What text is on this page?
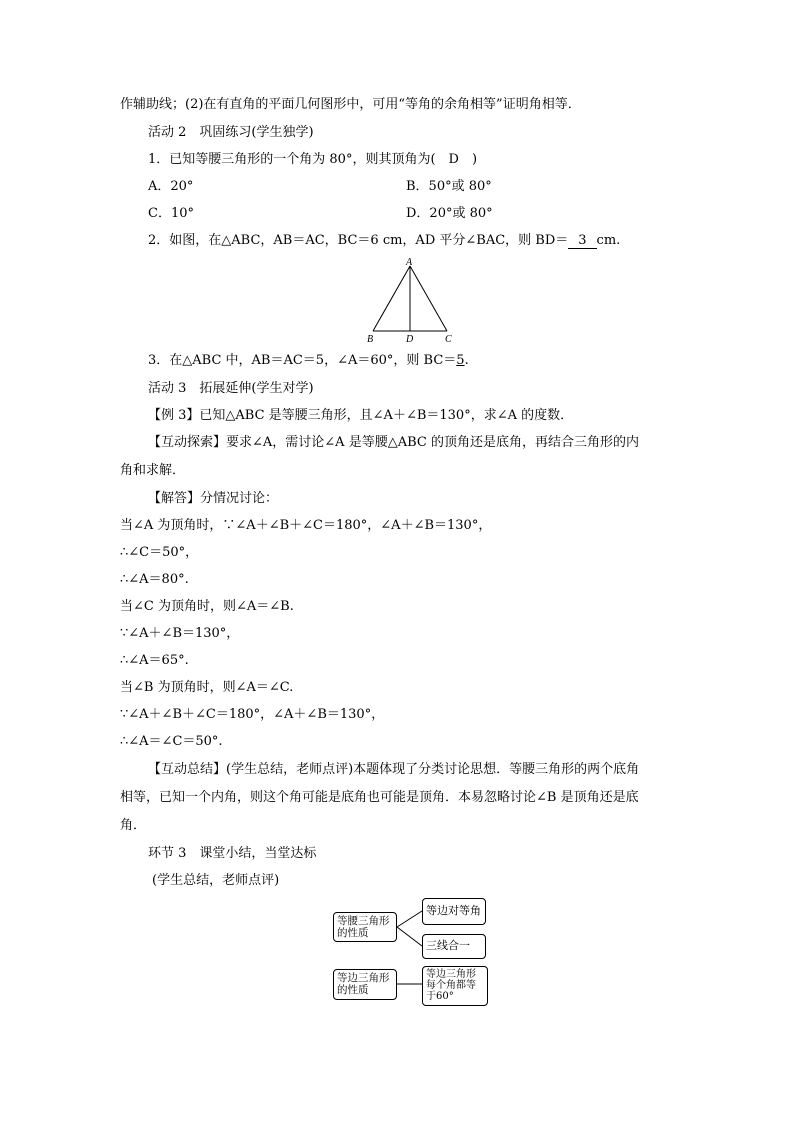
作辅助线；(2)在有直角的平面几何图形中，可用“等角的余角相等”证明角相等．
活动 2　巩固练习(学生独学)
1．已知等腰三角形的一个角为 80°，则其顶角为(　D　)
A．20°	B．50°或 80°
C．10°	D．20°或 80°
2．如图，在△ABC，AB＝AC，BC＝6 cm，AD 平分∠BAC，则 BD＝ 3 cm.
A
B	D	C
3．在△ABC 中，AB＝AC＝5，∠A＝60°，则 BC＝5.
活动 3　拓展延伸(学生对学)
【例 3】已知△ABC 是等腰三角形，且∠A＋∠B＝130°，求∠A 的度数．
【互动探索】要求∠A，需讨论∠A 是等腰△ABC 的顶角还是底角，再结合三角形的内
角和求解．
【解答】分情况讨论：
当∠A 为顶角时，∵∠A＋∠B＋∠C＝180°，∠A＋∠B＝130°，
∴∠C＝50°，
∴∠A＝80°.
当∠C 为顶角时，则∠A＝∠B.
∵∠A＋∠B＝130°，
∴∠A＝65°.
当∠B 为顶角时，则∠A＝∠C.
∵∠A＋∠B＋∠C＝180°，∠A＋∠B＝130°，
∴∠A＝∠C＝50°.
【互动总结】(学生总结，老师点评)本题体现了分类讨论思想．等腰三角形的两个底角
相等，已知一个内角，则这个角可能是底角也可能是顶角．本易忽略讨论∠B 是顶角还是底
角．
环节 3　课堂小结，当堂达标
(学生总结，老师点评)
等腰三角形的性质
等边对等角
三线合一
等边三角形的性质
等边三角形每个角都等于60°
